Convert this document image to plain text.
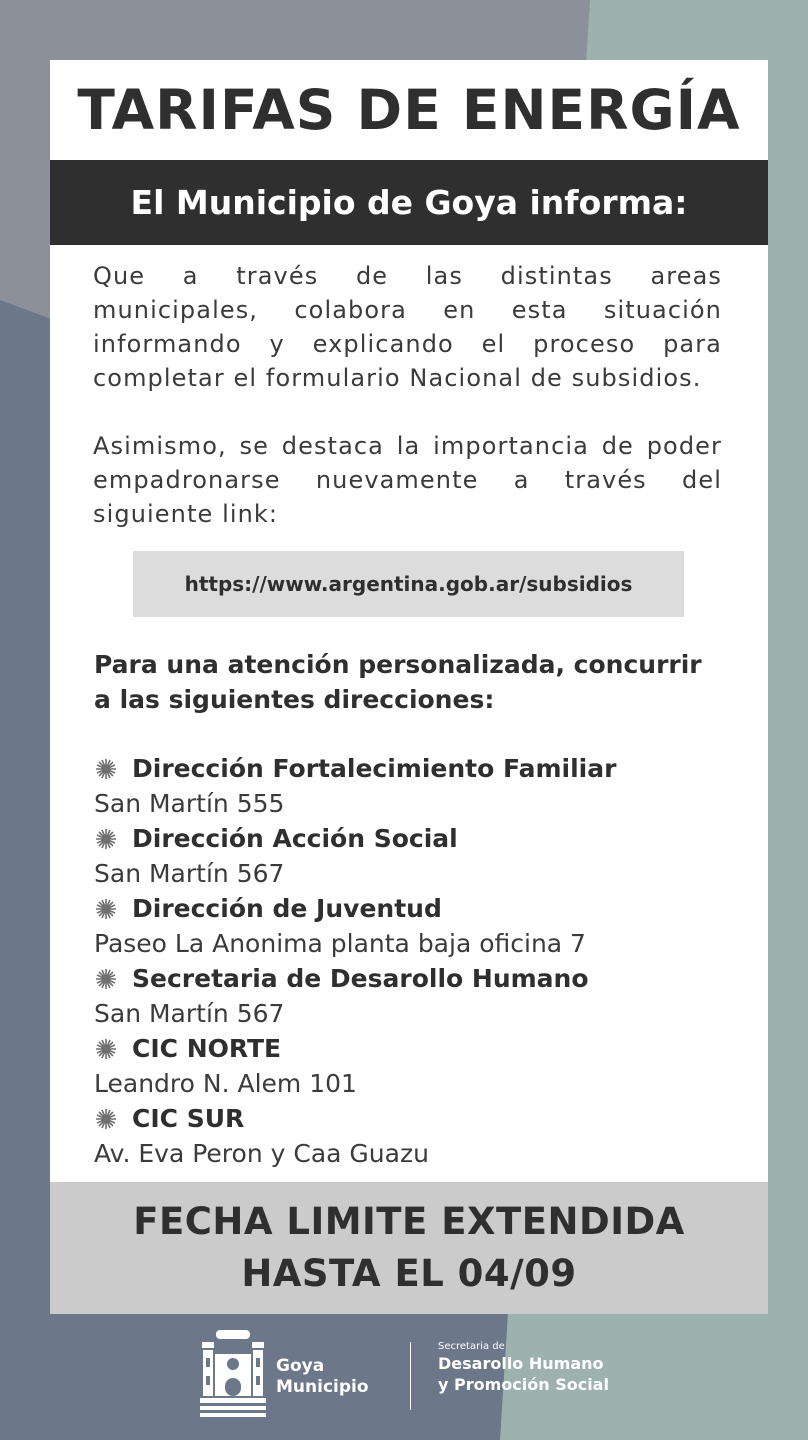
TARIFAS DE ENERGÍA
El Municipio de Goya informa:

Que a través de las distintas areas municipales, colabora en esta situación informando y explicando el proceso para completar el formulario Nacional de subsidios.

Asimismo, se destaca la importancia de poder empadronarse nuevamente a través del siguiente link:

https://www.argentina.gob.ar/subsidios
Para una atención personalizada, concurrir
a las siguientes direcciones:
Dirección Fortalecimiento Familiar
San Martín 555
Dirección Acción Social
San Martín 567
Dirección de Juventud
Paseo La Anonima planta baja oficina 7
Secretaria de Desarollo Humano
San Martín 567
CIC NORTE
Leandro N. Alem 101
CIC SUR
Av. Eva Peron y Caa Guazu
FECHA LIMITE EXTENDIDA
HASTA EL 04/09
Goya
Municipio
Secretaria de
Desarollo Humano
y Promoción Social
